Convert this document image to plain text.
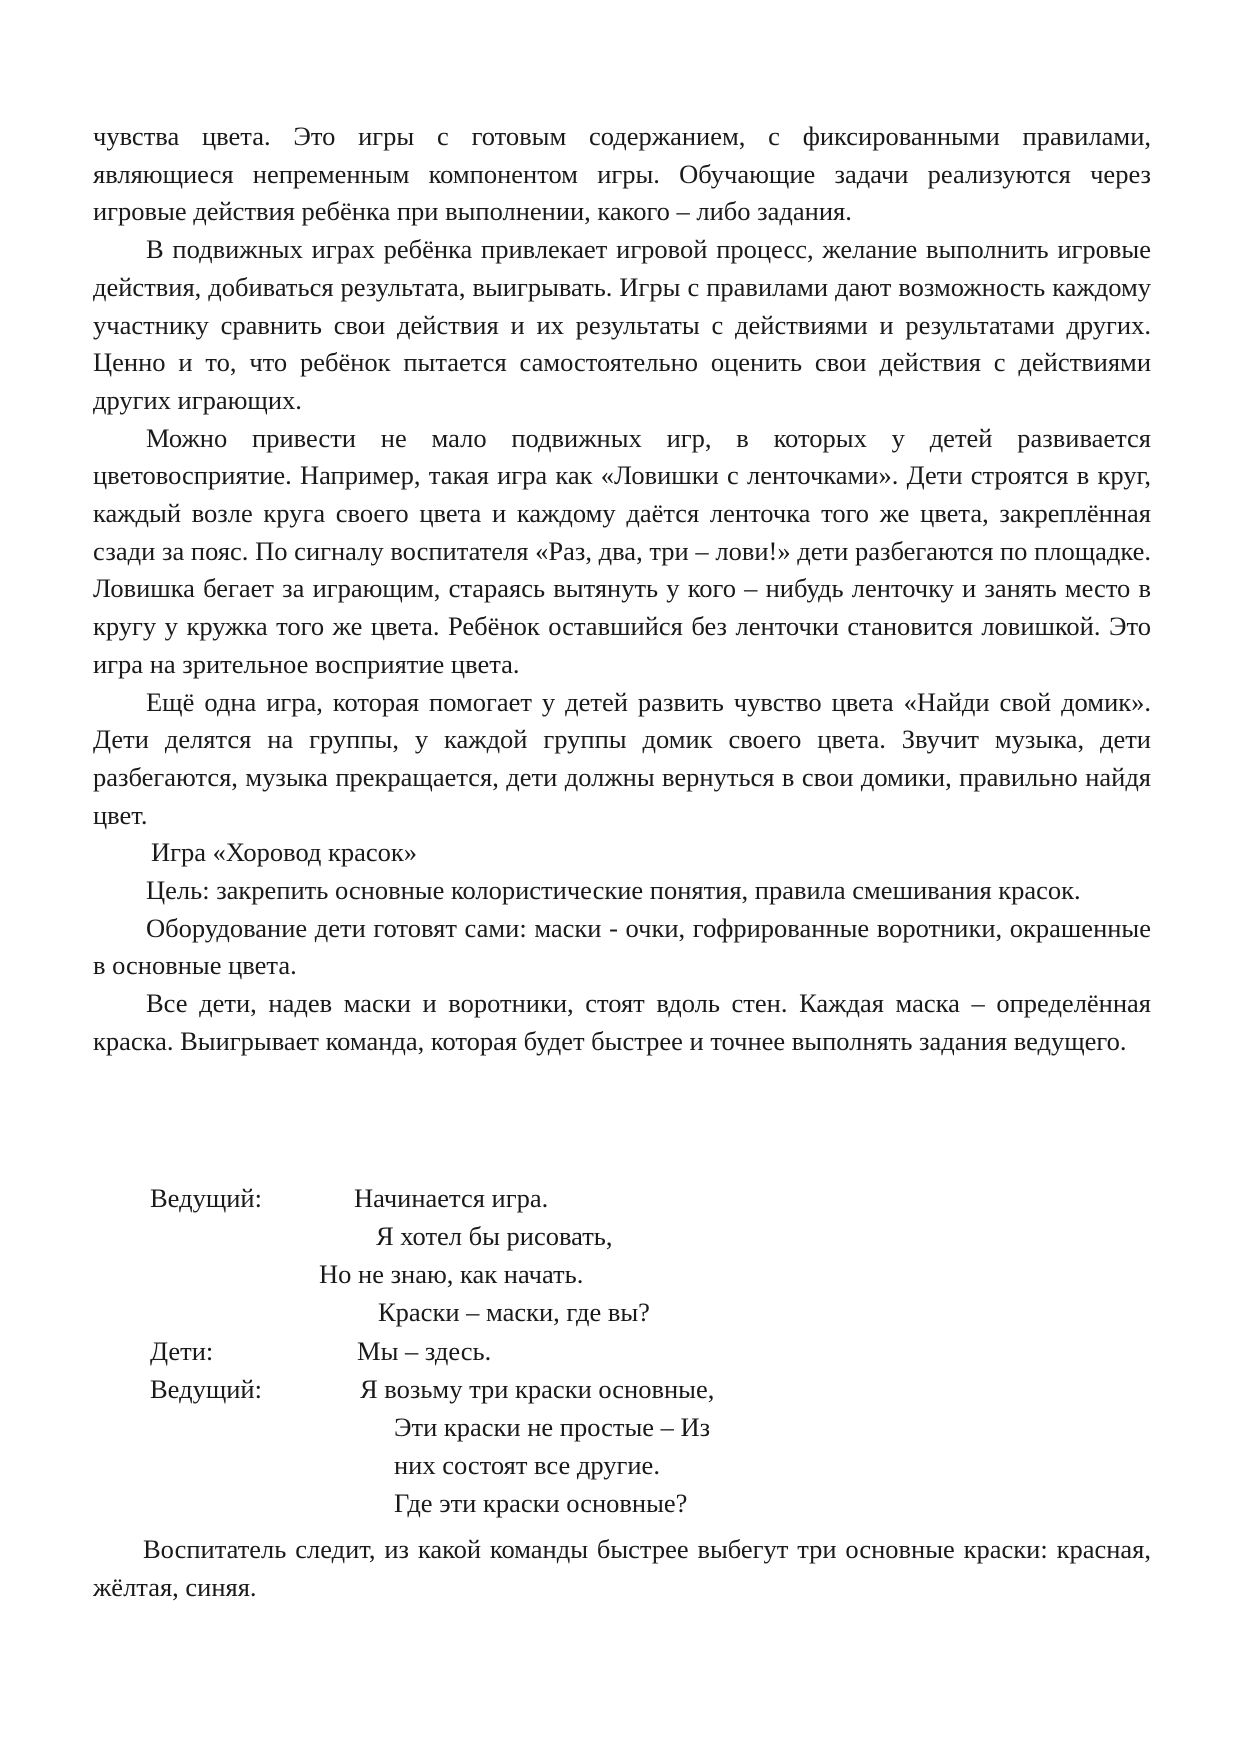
чувства цвета. Это игры с готовым содержанием, с фиксированными правилами, являющиеся непременным компонентом игры. Обучающие задачи реализуются через игровые действия ребёнка при выполнении, какого – либо задания.

В подвижных играх ребёнка привлекает игровой процесс, желание выполнить игровые действия, добиваться результата, выигрывать. Игры с правилами дают возможность каждому участнику сравнить свои действия и их результаты с действиями и результатами других. Ценно и то, что ребёнок пытается самостоятельно оценить свои действия с действиями других играющих.

Можно привести не мало подвижных игр, в которых у детей развивается цветовосприятие. Например, такая игра как «Ловишки с ленточками». Дети строятся в круг, каждый возле круга своего цвета и каждому даётся ленточка того же цвета, закреплённая сзади за пояс. По сигналу воспитателя «Раз, два, три – лови!» дети разбегаются по площадке. Ловишка бегает за играющим, стараясь вытянуть у кого – нибудь ленточку и занять место в кругу у кружка того же цвета. Ребёнок оставшийся без ленточки становится ловишкой. Это игра на зрительное восприятие цвета.

Ещё одна игра, которая помогает у детей развить чувство цвета «Найди свой домик». Дети делятся на группы, у каждой группы домик своего цвета. Звучит музыка, дети разбегаются, музыка прекращается, дети должны вернуться в свои домики, правильно найдя цвет.

Игра «Хоровод красок»

Цель: закрепить основные колористические понятия, правила смешивания красок.

Оборудование дети готовят сами: маски - очки, гофрированные воротники, окрашенные в основные цвета.

Все дети, надев маски и воротники, стоят вдоль стен. Каждая маска – определённая краска. Выигрывает команда, которая будет быстрее и точнее выполнять задания ведущего.

Ведущий:	Начинается игра.
Я хотел бы рисовать,
Но не знаю, как начать.
Краски – маски, где вы?
Дети:	Мы – здесь.
Ведущий:	Я возьму три краски основные,
Эти краски не простые – Из
них состоят все другие.
Где эти краски основные?

Воспитатель следит, из какой команды быстрее выбегут три основные краски: красная, жёлтая, синяя.
